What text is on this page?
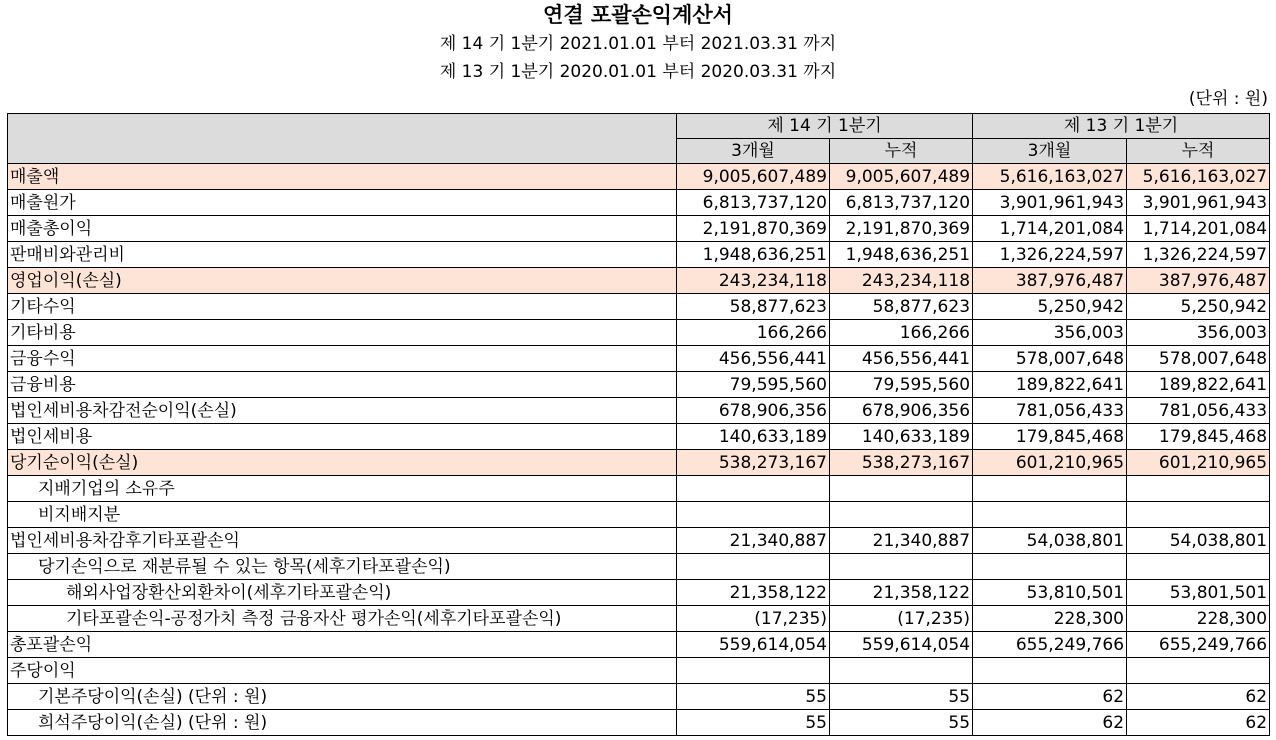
연결 포괄손익계산서
제 14 기 1분기 2021.01.01 부터 2021.03.31 까지
제 13 기 1분기 2020.01.01 부터 2020.03.31 까지
(단위 : 원)
	제 14 기 1분기		제 13 기 1분기	
	3개월	누적	3개월	누적
매출액	9,005,607,489	9,005,607,489	5,616,163,027	5,616,163,027
매출원가	6,813,737,120	6,813,737,120	3,901,961,943	3,901,961,943
매출총이익	2,191,870,369	2,191,870,369	1,714,201,084	1,714,201,084
판매비와관리비	1,948,636,251	1,948,636,251	1,326,224,597	1,326,224,597
영업이익(손실)	243,234,118	243,234,118	387,976,487	387,976,487
기타수익	58,877,623	58,877,623	5,250,942	5,250,942
기타비용	166,266	166,266	356,003	356,003
금융수익	456,556,441	456,556,441	578,007,648	578,007,648
금융비용	79,595,560	79,595,560	189,822,641	189,822,641
법인세비용차감전순이익(손실)	678,906,356	678,906,356	781,056,433	781,056,433
법인세비용	140,633,189	140,633,189	179,845,468	179,845,468
당기순이익(손실)	538,273,167	538,273,167	601,210,965	601,210,965
지배기업의 소유주				
비지배지분				
법인세비용차감후기타포괄손익	21,340,887	21,340,887	54,038,801	54,038,801
당기손익으로 재분류될 수 있는 항목(세후기타포괄손익)				
해외사업장환산외환차이(세후기타포괄손익)	21,358,122	21,358,122	53,810,501	53,801,501
기타포괄손익-공정가치 측정 금융자산 평가손익(세후기타포괄손익)	(17,235)	(17,235)	228,300	228,300
총포괄손익	559,614,054	559,614,054	655,249,766	655,249,766
주당이익				
기본주당이익(손실) (단위 : 원)	55	55	62	62
희석주당이익(손실) (단위 : 원)	55	55	62	62
